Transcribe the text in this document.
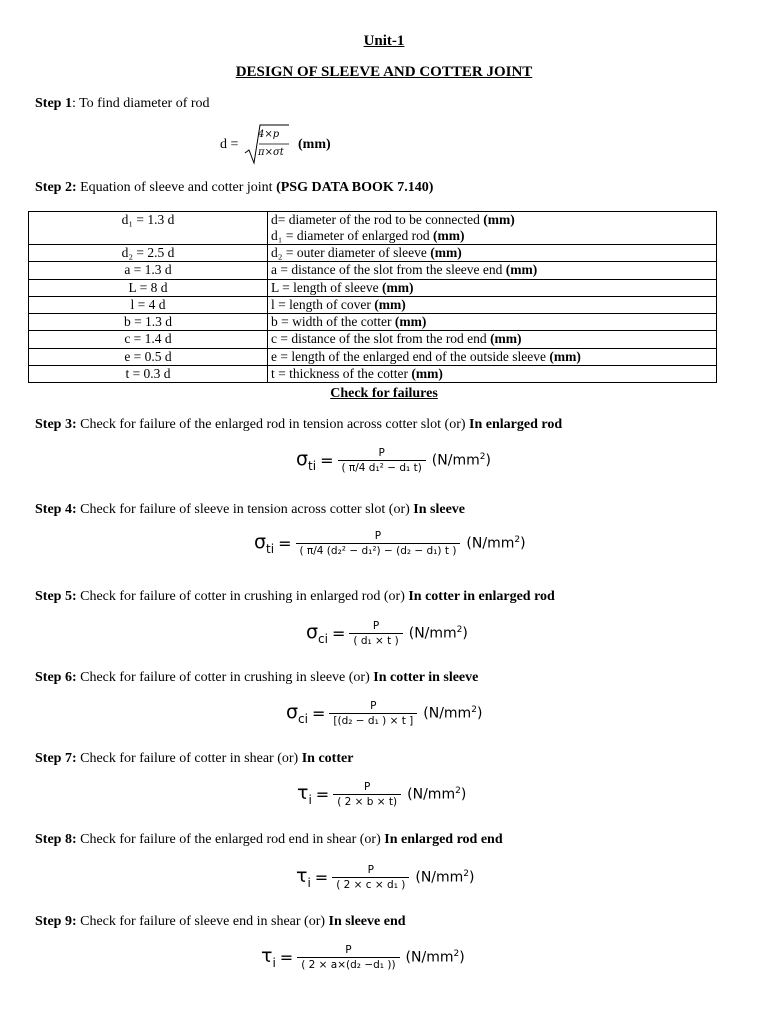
Unit-1
DESIGN OF SLEEVE AND COTTER JOINT
Step 1: To find diameter of rod
d =
4×p
π×σt
(mm)
Step 2: Equation of sleeve and cotter joint (PSG DATA BOOK 7.140)
d₁ = 1.3 d	d= diameter of the rod to be connected (mm)
d₁ = diameter of enlarged rod (mm)
d₂ = 2.5 d	d₂ = outer diameter of sleeve (mm)
a = 1.3 d	a = distance of the slot from the sleeve end (mm)
L = 8 d	L = length of sleeve (mm)
l = 4 d	l = length of cover (mm)
b = 1.3 d	b = width of the cotter (mm)
c = 1.4 d	c = distance of the slot from the rod end (mm)
e = 0.5 d	e = length of the enlarged end of the outside sleeve (mm)
t = 0.3 d	t = thickness of the cotter (mm)
Check for failures
Step 3: Check for failure of the enlarged rod in tension across cotter slot (or) In enlarged rod
$\sigma_{ti} = \frac{P}{\text{( π/4 d₁² − d₁ t)}} (N/mm^2)$
Step 4: Check for failure of sleeve in tension across cotter slot (or) In sleeve
$\sigma_{ti} = \frac{P}{\text{( π/4 (d₂² − d₁²) − (d₂ − d₁) t )}} (N/mm^2)$
Step 5: Check for failure of cotter in crushing in enlarged rod (or) In cotter in enlarged rod
$\sigma_{ci} = \frac{P}{\text{( d₁ × t )}} (N/mm^2)$
Step 6: Check for failure of cotter in crushing in sleeve (or) In cotter in sleeve
$\sigma_{ci} = \frac{P}{\text{[(d₂ − d₁ ) × t ]}} (N/mm^2)$
Step 7: Check for failure of cotter in shear (or) In cotter
$\tau_i = \frac{P}{( 2 \times b \times t)} (N/mm^2)$
Step 8: Check for failure of the enlarged rod end in shear (or) In enlarged rod end
$\tau_i = \frac{P}{\text{( 2 × c × d₁ )}} (N/mm^2)$
Step 9: Check for failure of sleeve end in shear (or) In sleeve end
$\tau_i = \frac{P}{\text{( 2 × a×(d₂ −d₁ ))}} (N/mm^2)$
